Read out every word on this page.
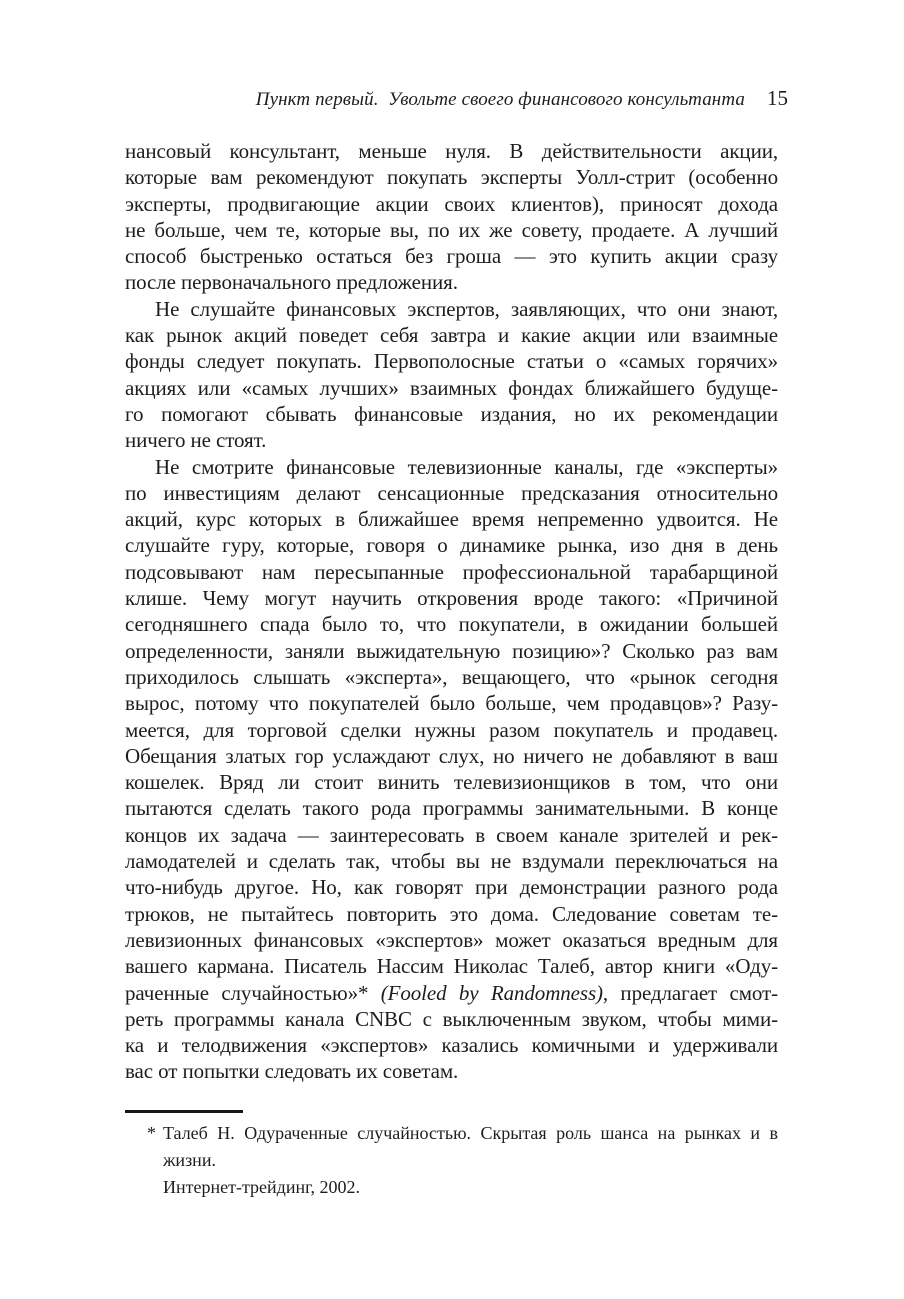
Пункт первый.  Увольте своего финансового консультанта 15
нансовый консультант, меньше нуля. В действительности акции,
которые вам рекомендуют покупать эксперты Уолл-стрит (особенно
эксперты, продвигающие акции своих клиентов), приносят дохода
не больше, чем те, которые вы, по их же совету, продаете. А лучший
способ быстренько остаться без гроша — это купить акции сразу
после первоначального предложения.
Не слушайте финансовых экспертов, заявляющих, что они знают,
как рынок акций поведет себя завтра и какие акции или взаимные
фонды следует покупать. Первополосные статьи о «самых горячих»
акциях или «самых лучших» взаимных фондах ближайшего будуще-
го помогают сбывать финансовые издания, но их рекомендации
ничего не стоят.
Не смотрите финансовые телевизионные каналы, где «эксперты»
по инвестициям делают сенсационные предсказания относительно
акций, курс которых в ближайшее время непременно удвоится. Не
слушайте гуру, которые, говоря о динамике рынка, изо дня в день
подсовывают нам пересыпанные профессиональной тарабарщиной
клише. Чему могут научить откровения вроде такого: «Причиной
сегодняшнего спада было то, что покупатели, в ожидании большей
определенности, заняли выжидательную позицию»? Сколько раз вам
приходилось слышать «эксперта», вещающего, что «рынок сегодня
вырос, потому что покупателей было больше, чем продавцов»? Разу-
меется, для торговой сделки нужны разом покупатель и продавец.
Обещания златых гор услаждают слух, но ничего не добавляют в ваш
кошелек. Вряд ли стоит винить телевизионщиков в том, что они
пытаются сделать такого рода программы занимательными. В конце
концов их задача — заинтересовать в своем канале зрителей и рек-
ламодателей и сделать так, чтобы вы не вздумали переключаться на
что-нибудь другое. Но, как говорят при демонстрации разного рода
трюков, не пытайтесь повторить это дома. Следование советам те-
левизионных финансовых «экспертов» может оказаться вредным для
вашего кармана. Писатель Нассим Николас Талеб, автор книги «Оду-
раченные случайностью»* (Fooled by Randomness), предлагает смот-
реть программы канала CNBC с выключенным звуком, чтобы мими-
ка и телодвижения «экспертов» казались комичными и удерживали
вас от попытки следовать их советам.
* Талеб Н. Одураченные случайностью. Скрытая роль шанса на рынках и в жизни.
Интернет-трейдинг, 2002.
